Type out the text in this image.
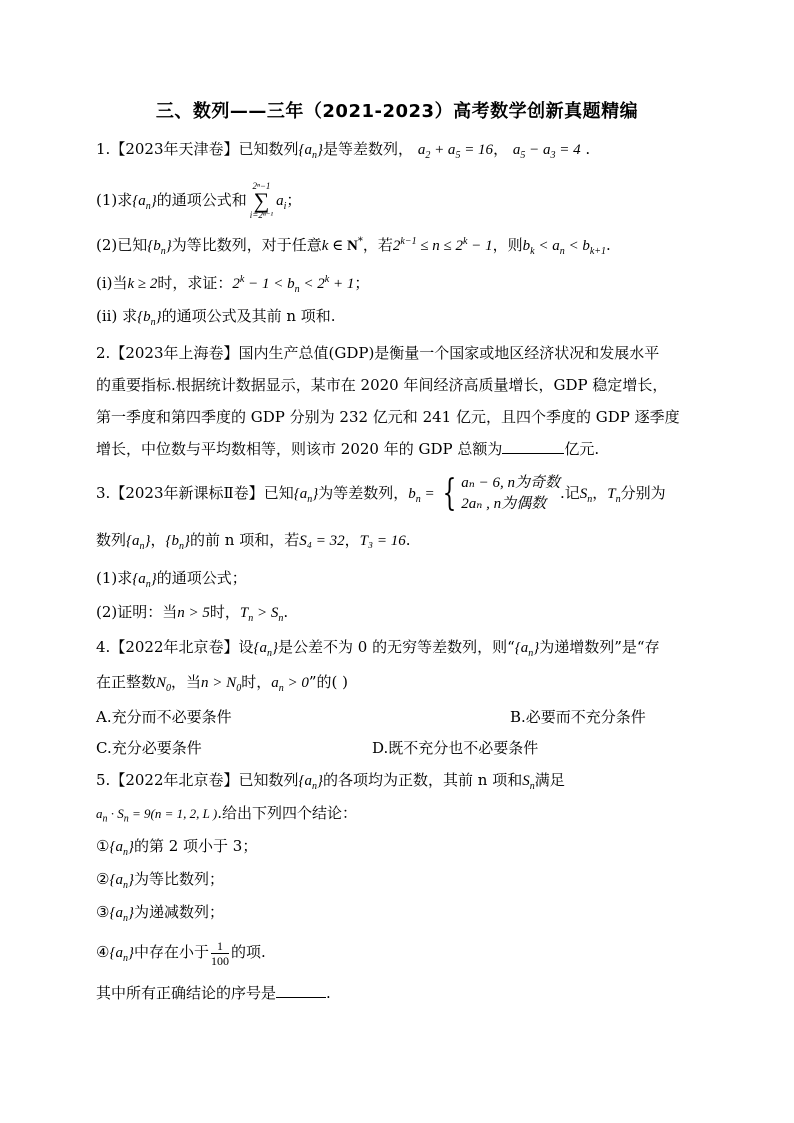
三、数列——三年（2021-2023）高考数学创新真题精编
1.【2023年天津卷】已知数列$\{a_n\}$是等差数列， $a_2 + a_5 = 16$， $a_5 - a_3 = 4$ .
(1)求$\{a_n\}$的通项公式和
2ⁿ−1
∑
i=2ⁿ⁻¹
$a_i$；
(2)已知$\{b_n\}$为等比数列，对于任意k ∈ N*，若$2^{k-1} \le n \le 2^k - 1$，则$b_k < a_n < b_{k+1}$.
(i)当k ≥ 2时，求证：$2^k - 1 < b_n < 2^k + 1$；
(ii) 求$\{b_n\}$的通项公式及其前 n 项和.
2.【2023年上海卷】国内生产总值(GDP)是衡量一个国家或地区经济状况和发展水平
的重要指标.根据统计数据显示，某市在 2020 年间经济高质量增长，GDP 稳定增长，
第一季度和第四季度的 GDP 分别为 232 亿元和 241 亿元，且四个季度的 GDP 逐季度
增长，中位数与平均数相等，则该市 2020 年的 GDP 总额为	亿元.
3.【2023年新课标Ⅱ卷】已知$\{a_n\}$为等差数列，$b_n$ = { aₙ − 6, n为奇数
2aₙ , n为偶数
.记$S_n$，$T_n$分别为
数列$\{a_n\}$，$\{b_n\}$的前 n 项和，若S₄ = 32，T₃ = 16.
(1)求$\{a_n\}$的通项公式；
(2)证明：当n > 5时，$T_n > S_n$.
4.【2022年北京卷】设$\{a_n\}$是公差不为 0 的无穷等差数列，则“$\{a_n\}$为递增数列”是“存
在正整数$N_0$，当$n > N_0$时，$a_n > 0$”的( )
A.充分而不必要条件	B.必要而不充分条件
C.充分必要条件	D.既不充分也不必要条件
5.【2022年北京卷】已知数列$\{a_n\}$的各项均为正数，其前 n 项和$S_n$满足
$a_n \cdot S_n = 9(n = 1$, 2, L ).给出下列四个结论：
$①\{a_n\}$的第 2 项小于 3；
$②\{a_n\}$为等比数列；
$③\{a_n\}$为递减数列；
$④\{a_n\}$中存在小于 $\frac{1}{100}$ 的项.
其中所有正确结论的序号是	.
